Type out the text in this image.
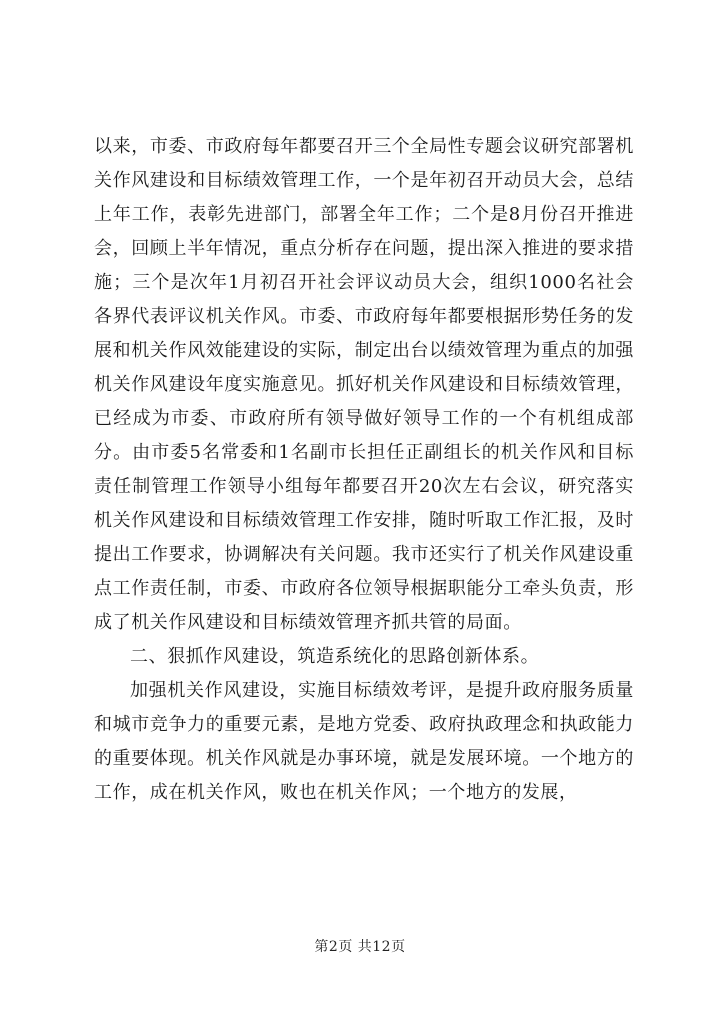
以来，市委、市政府每年都要召开三个全局性专题会议研究部署机关作风建设和目标绩效管理工作，一个是年初召开动员大会，总结上年工作，表彰先进部门，部署全年工作；二个是8月份召开推进会，回顾上半年情况，重点分析存在问题，提出深入推进的要求措施；三个是次年1月初召开社会评议动员大会，组织1000名社会各界代表评议机关作风。市委、市政府每年都要根据形势任务的发展和机关作风效能建设的实际，制定出台以绩效管理为重点的加强机关作风建设年度实施意见。抓好机关作风建设和目标绩效管理，已经成为市委、市政府所有领导做好领导工作的一个有机组成部分。由市委5名常委和1名副市长担任正副组长的机关作风和目标责任制管理工作领导小组每年都要召开20次左右会议，研究落实机关作风建设和目标绩效管理工作安排，随时听取工作汇报，及时提出工作要求，协调解决有关问题。我市还实行了机关作风建设重点工作责任制，市委、市政府各位领导根据职能分工牵头负责，形成了机关作风建设和目标绩效管理齐抓共管的局面。

二、狠抓作风建设，筑造系统化的思路创新体系。

加强机关作风建设，实施目标绩效考评，是提升政府服务质量和城市竞争力的重要元素，是地方党委、政府执政理念和执政能力的重要体现。机关作风就是办事环境，就是发展环境。一个地方的工作，成在机关作风，败也在机关作风；一个地方的发展，

第2页 共12页
